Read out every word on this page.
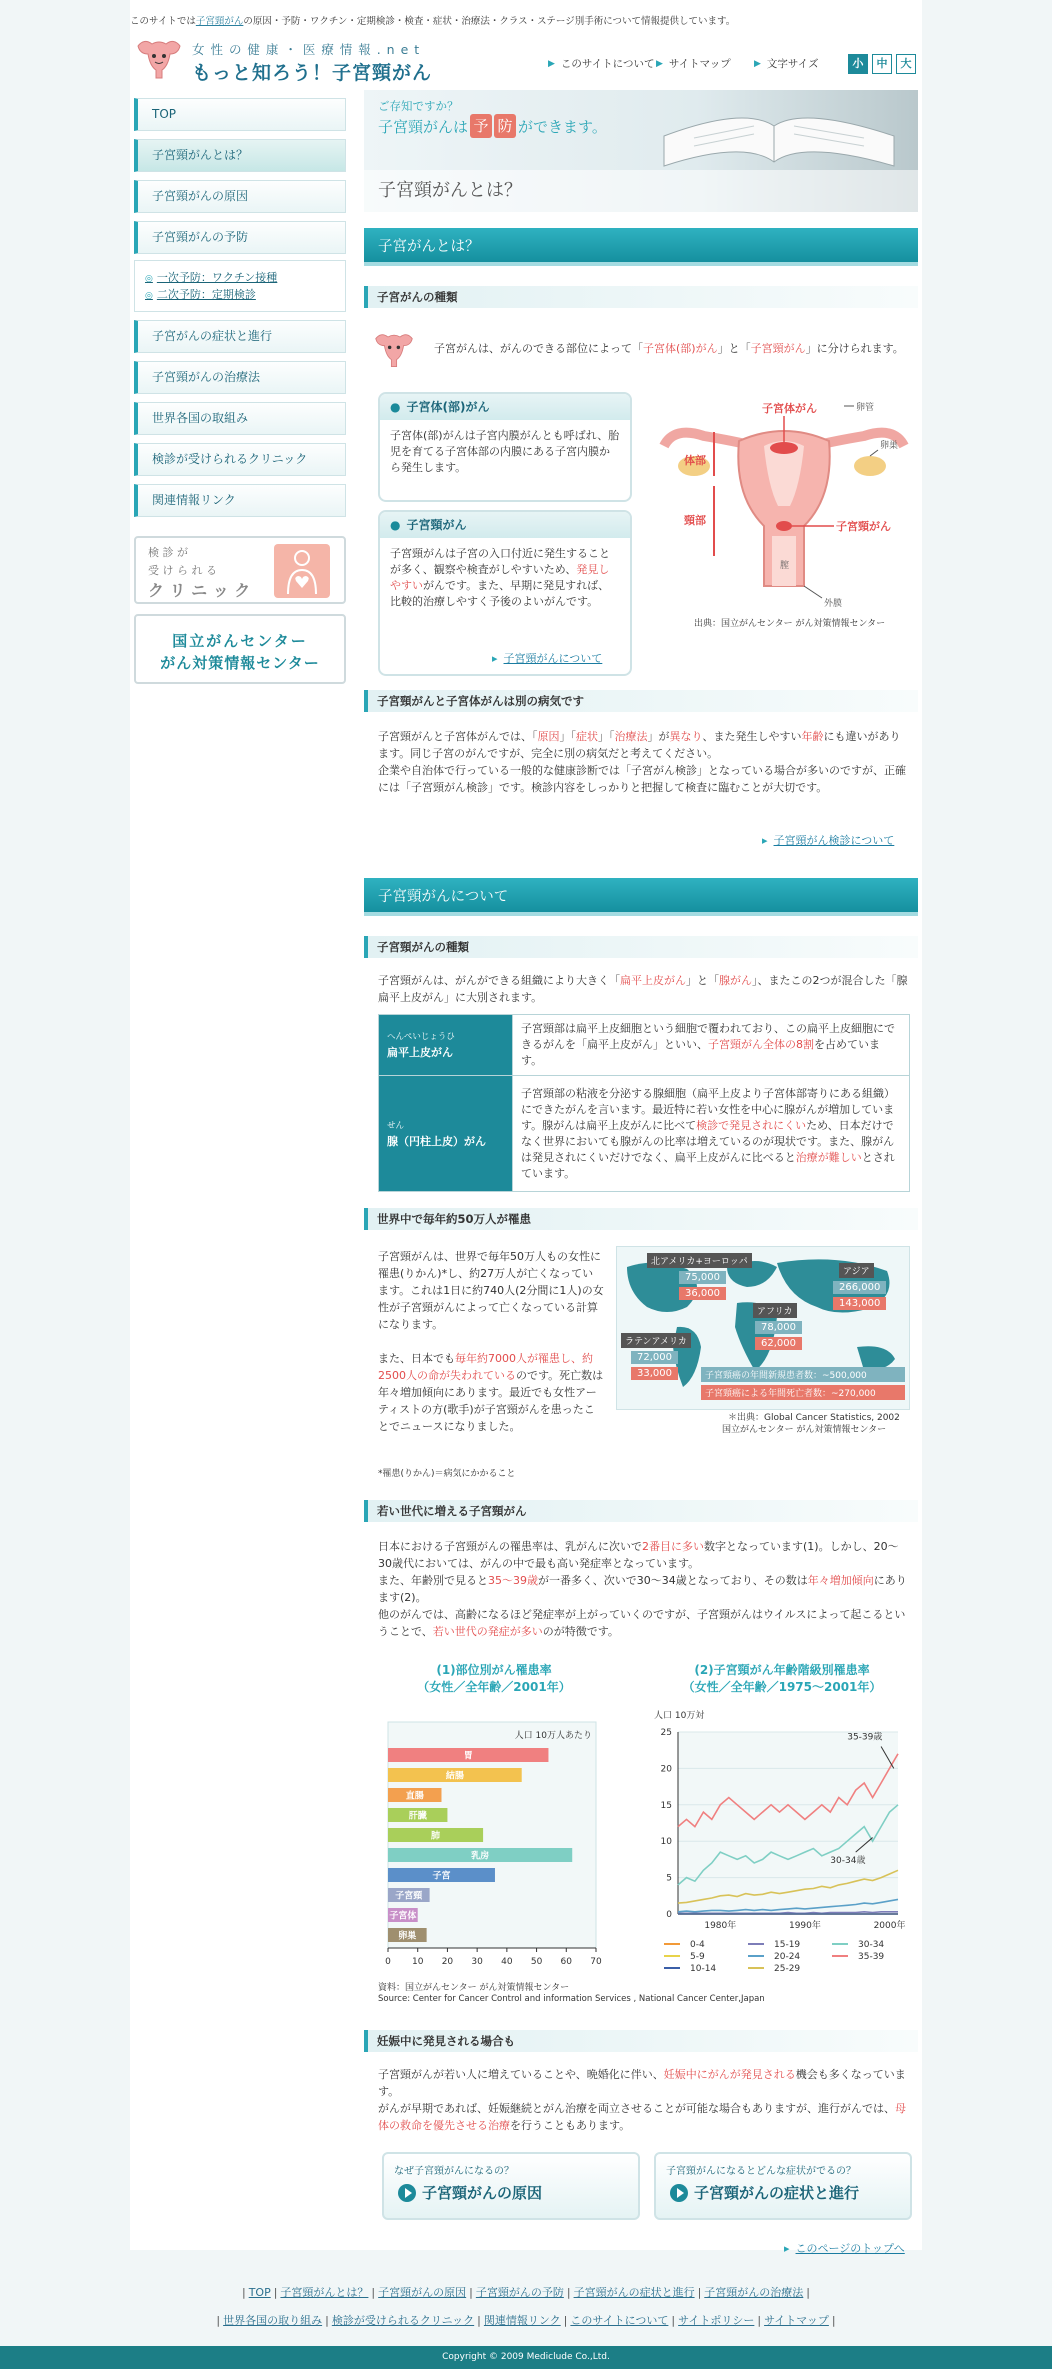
このサイトでは子宮頸がんの原因・予防・ワクチン・定期検診・検査・症状・治療法・クラス・ステージ別手術について情報提供しています。
女 性 の 健 康 ・ 医 療 情 報 . n e t
もっと知ろう！子宮頸がん	▶ このサイトについて ▶ サイトマップ	▶ 文字サイズ	小	中	大
TOP
子宮頸がんとは？
子宮頸がんの原因
子宮頸がんの予防
◎ 一次予防：ワクチン接種
◎ 二次予防：定期検診
子宮がんの症状と進行
子宮頸がんの治療法
世界各国の取組み
検診が受けられるクリニック
関連情報リンク
検 診 が
受 け ら れ る
ク リ ニ ッ ク
国立がんセンター
がん対策情報センター
ご存知ですか？
子宮頸がんは 予 防 ができます。
子宮頸がんとは？
子宮がんとは？
子宮がんの種類
子宮がんは、がんのできる部位によって「子宮体(部)がん」と「子宮頸がん」に分けられます。
● 子宮体(部)がん
子宮体(部)がんは子宮内膜がんとも呼ばれ、胎児を育てる子宮体部の内膜にある子宮内膜から発生します。
● 子宮頸がん
子宮頸がんは子宮の入口付近に発生することが多く、観察や検査がしやすいため、発見しやすいがんです。また、早期に発見すれば、比較的治療しやすく予後のよいがんです。
▸ 子宮頸がんについて
子宮体がん	卵管
卵巣
体部
頸部	子宮頸がん
膣
外膜
出典：国立がんセンター がん対策情報センター
子宮頸がんと子宮体がんは別の病気です
子宮頸がんと子宮体がんでは、「原因」「症状」「治療法」が異なり、また発生しやすい年齢にも違いがあります。同じ子宮のがんですが、完全に別の病気だと考えてください。
企業や自治体で行っている一般的な健康診断では「子宮がん検診」となっている場合が多いのですが、正確には「子宮頸がん検診」です。検診内容をしっかりと把握して検査に臨むことが大切です。
▸ 子宮頸がん検診について
子宮頸がんについて
子宮頸がんの種類
子宮頸がんは、がんができる組織により大きく「扁平上皮がん」と「腺がん」、またこの2つが混合した「腺扁平上皮がん」に大別されます。
へんぺいじょうひ
扁平上皮がん	子宮頸部は扁平上皮細胞という細胞で覆われており、この扁平上皮細胞にできるがんを「扁平上皮がん」といい、子宮頸がん全体の8割を占めています。

せん
腺（円柱上皮）がん	子宮頸部の粘液を分泌する腺細胞（扁平上皮より子宮体部寄りにある組織）にできたがんを言います。最近特に若い女性を中心に腺がんが増加しています。腺がんは扁平上皮がんに比べて検診で発見されにくいため、日本だけでなく世界においても腺がんの比率は増えているのが現状です。また、腺がんは発見されにくいだけでなく、扁平上皮がんに比べると治療が難しいとされています。
世界中で毎年約50万人が罹患
子宮頸がんは、世界で毎年50万人もの女性に罹患(りかん)*し、約27万人が亡くなっています。これは1日に約740人(2分間に1人)の女性が子宮頸がんによって亡くなっている計算になります。
また、日本でも毎年約7000人が罹患し、約2500人の命が失われているのです。死亡数は年々増加傾向にあります。最近でも女性アーティストの方(歌手)が子宮頸がんを患ったことでニュースになりました。
*罹患(りかん)＝病気にかかること
北アメリカ+ヨーロッパ
75,000
36,000
アジア
266,000
143,000
アフリカ
78,000
62,000
ラテンアメリカ
72,000
33,000	子宮頸癌の年間新規患者数：~500,000
子宮頸癌による年間死亡者数：~270,000
＊出典：Global Cancer Statistics, 2002
国立がんセンター がん対策情報センター
若い世代に増える子宮頸がん
日本における子宮頸がんの罹患率は、乳がんに次いで2番目に多い数字となっています(1)。しかし、20～30歳代においては、がんの中で最も高い発症率となっています。
また、年齢別で見ると35～39歳が一番多く、次いで30～34歳となっており、その数は年々増加傾向にあります(2)。
他のがんでは、高齢になるほど発症率が上がっていくのですが、子宮頸がんはウイルスによって起こるということで、若い世代の発症が多いのが特徴です。
(1)部位別がん罹患率
（女性／全年齢／2001年）
人口 10万人あたり
胃
結腸
直腸
肝臓
肺
乳房
子宮
子宮頸
子宮体
卵巣
0 10 20 30 40 50 60 70
(2)子宮頸がん年齢階級別罹患率
（女性／全年齢／1975～2001年）
人口 10万対
0
5
10
15
20
25
1980年	1990年	2000年
35-39歳
30-34歳
0-4	15-19	30-34
5-9	20-24	35-39
10-14	25-29
資料：国立がんセンター がん対策情報センター
Source: Center for Cancer Control and information Services , National Cancer Center,Japan
妊娠中に発見される場合も
子宮頸がんが若い人に増えていることや、晩婚化に伴い、妊娠中にがんが発見される機会も多くなっています。
がんが早期であれば、妊娠継続とがん治療を両立させることが可能な場合もありますが、進行がんでは、母体の救命を優先させる治療を行うこともあります。
なぜ子宮頸がんになるの？
子宮頸がんの原因
子宮頸がんになるとどんな症状がでるの？
子宮頸がんの症状と進行
▸ このページのトップへ
| TOP | 子宮頸がんとは？ | 子宮頸がんの原因 | 子宮頸がんの予防 | 子宮頸がんの症状と進行 | 子宮頸がんの治療法 |
| 世界各国の取り組み | 検診が受けられるクリニック | 関連情報リンク | このサイトについて | サイトポリシー | サイトマップ |
Copyright © 2009 Mediclude Co.,Ltd.
